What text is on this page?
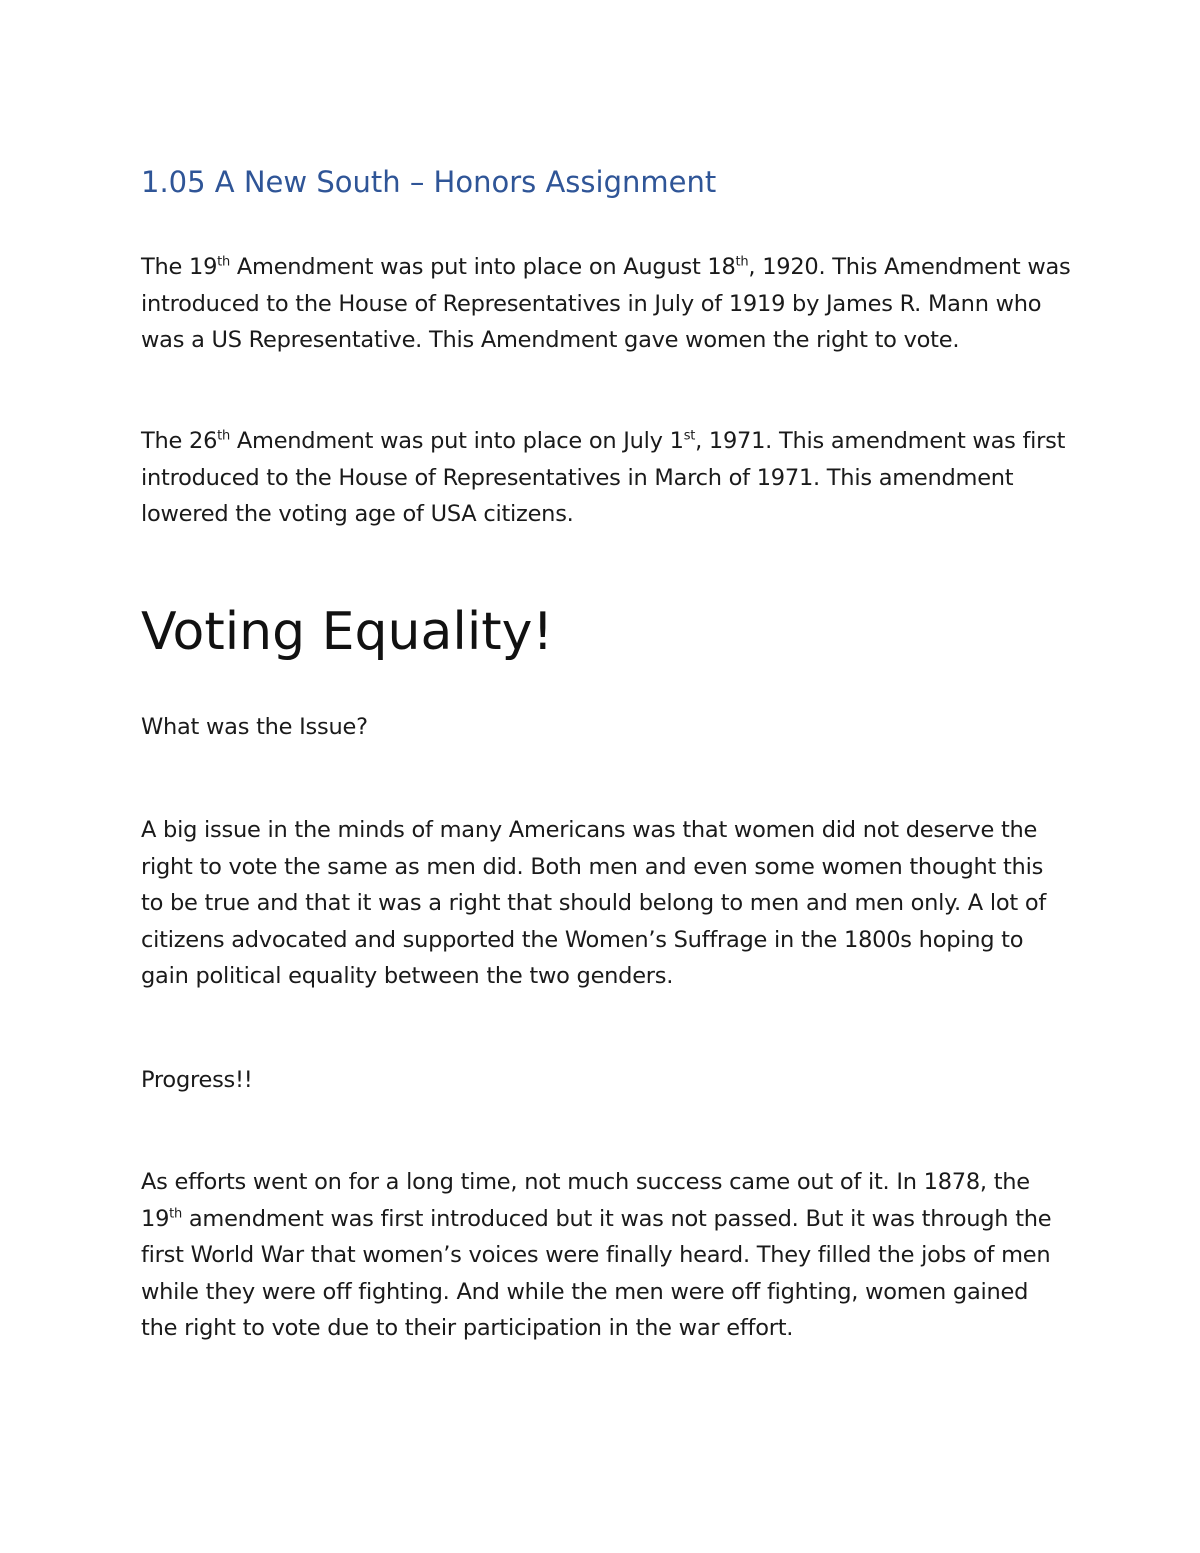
1.05 A New South – Honors Assignment

The 19th Amendment was put into place on August 18th, 1920. This Amendment was introduced to the House of Representatives in July of 1919 by James R. Mann who was a US Representative. This Amendment gave women the right to vote.

The 26th Amendment was put into place on July 1st, 1971. This amendment was first introduced to the House of Representatives in March of 1971. This amendment lowered the voting age of USA citizens.

Voting Equality!

What was the Issue?

A big issue in the minds of many Americans was that women did not deserve the right to vote the same as men did. Both men and even some women thought this to be true and that it was a right that should belong to men and men only. A lot of citizens advocated and supported the Women’s Suffrage in the 1800s hoping to gain political equality between the two genders.

Progress!!

As efforts went on for a long time, not much success came out of it. In 1878, the 19th amendment was first introduced but it was not passed. But it was through the first World War that women’s voices were finally heard. They filled the jobs of men while they were off fighting. And while the men were off fighting, women gained the right to vote due to their participation in the war effort.
